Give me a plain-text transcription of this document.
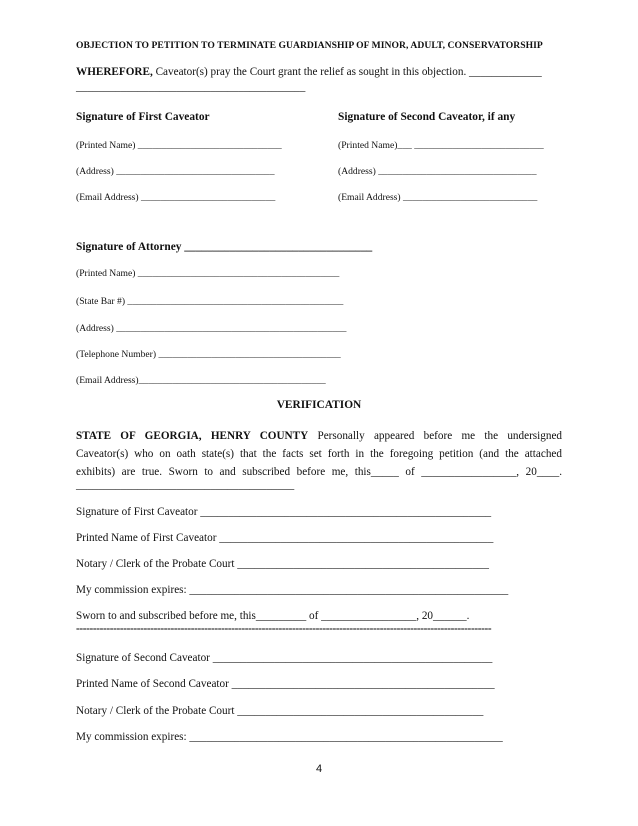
OBJECTION TO PETITION TO TERMINATE GUARDIANSHIP OF MINOR, ADULT, CONSERVATORSHIP
WHEREFORE, Caveator(s) pray the Court grant the relief as sought in this objection. _____________
_________________________________________
Signature of First Caveator	Signature of Second Caveator, if any
(Printed Name) ______________________________	(Printed Name)___ ___________________________
(Address) _________________________________	(Address) _________________________________
(Email Address) ____________________________	(Email Address) ____________________________
Signature of Attorney _________________________________
(Printed Name) __________________________________________
(State Bar #) _____________________________________________
(Address) ________________________________________________
(Telephone Number) ______________________________________
(Email Address)_______________________________________
VERIFICATION
STATE OF GEORGIA, HENRY COUNTY Personally appeared before me the undersigned
Caveator(s) who on oath state(s) that the facts set forth in the foregoing petition (and the attached
exhibits) are true. Sworn to and subscribed before me, this_____ of _________________, 20____.
_______________________________________
Signature of First Caveator ____________________________________________________
Printed Name of First Caveator _________________________________________________
Notary / Clerk of the Probate Court _____________________________________________
My commission expires: _________________________________________________________
Sworn to and subscribed before me, this_________ of _________________, 20______.
---------------------------------------------------------------------------------------------------------------------------
Signature of Second Caveator __________________________________________________
Printed Name of Second Caveator _______________________________________________
Notary / Clerk of the Probate Court ____________________________________________
My commission expires: ________________________________________________________
4
